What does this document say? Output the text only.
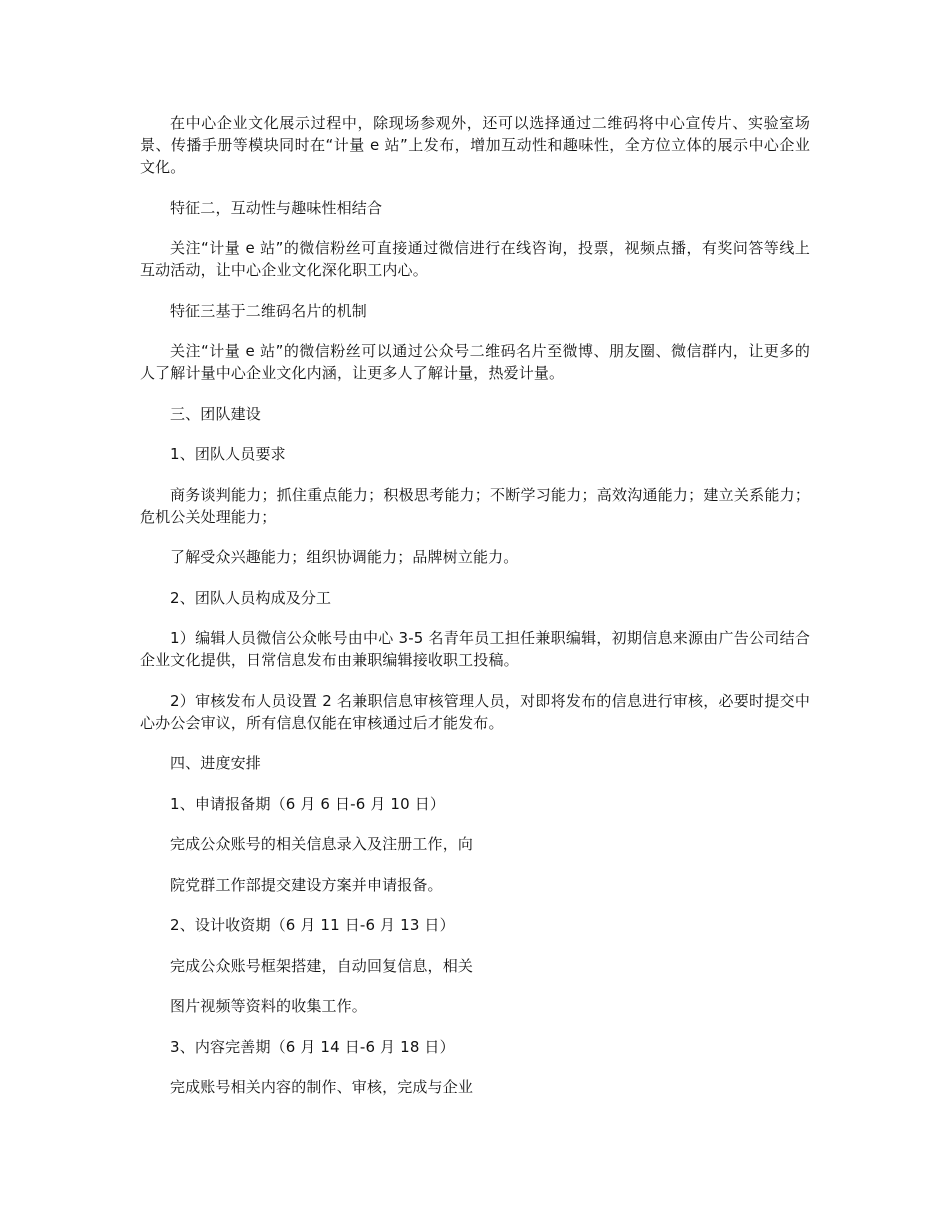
在中心企业文化展示过程中，除现场参观外，还可以选择通过二维码将中心宣传片、实验室场景、传播手册等模块同时在“计量 e 站”上发布，增加互动性和趣味性，全方位立体的展示中心企业文化。

特征二，互动性与趣味性相结合

关注“计量 e 站”的微信粉丝可直接通过微信进行在线咨询，投票，视频点播，有奖问答等线上互动活动，让中心企业文化深化职工内心。

特征三基于二维码名片的机制

关注“计量 e 站”的微信粉丝可以通过公众号二维码名片至微博、朋友圈、微信群内，让更多的人了解计量中心企业文化内涵，让更多人了解计量，热爱计量。

三、团队建设

1、团队人员要求

商务谈判能力；抓住重点能力；积极思考能力；不断学习能力；高效沟通能力；建立关系能力；危机公关处理能力；

了解受众兴趣能力；组织协调能力；品牌树立能力。

2、团队人员构成及分工

1）编辑人员微信公众帐号由中心 3-5 名青年员工担任兼职编辑，初期信息来源由广告公司结合企业文化提供，日常信息发布由兼职编辑接收职工投稿。

2）审核发布人员设置 2 名兼职信息审核管理人员，对即将发布的信息进行审核，必要时提交中心办公会审议，所有信息仅能在审核通过后才能发布。

四、进度安排

1、申请报备期（6 月 6 日-6 月 10 日）

完成公众账号的相关信息录入及注册工作，向

院党群工作部提交建设方案并申请报备。

2、设计收资期（6 月 11 日-6 月 13 日）

完成公众账号框架搭建，自动回复信息，相关

图片视频等资料的收集工作。

3、内容完善期（6 月 14 日-6 月 18 日）

完成账号相关内容的制作、审核，完成与企业
